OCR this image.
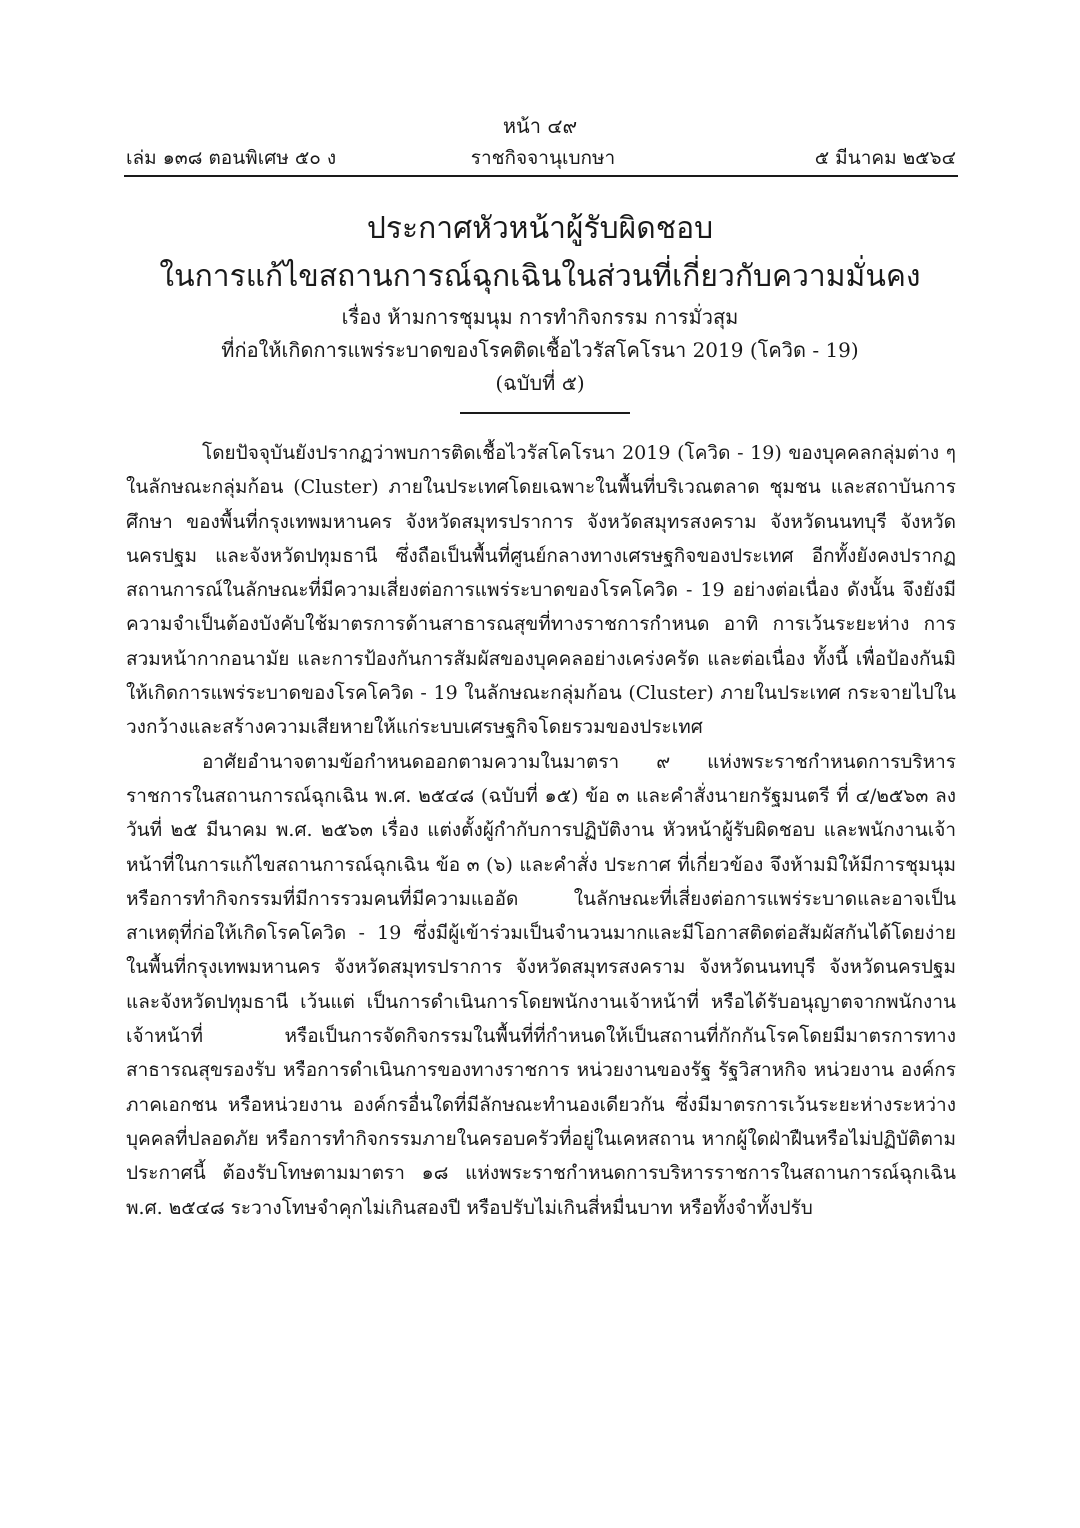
หน้า ๔๙
เล่ม ๑๓๘ ตอนพิเศษ ๕๐ ง	ราชกิจจานุเบกษา	๕ มีนาคม ๒๕๖๔
ประกาศหัวหน้าผู้รับผิดชอบ
ในการแก้ไขสถานการณ์ฉุกเฉินในส่วนที่เกี่ยวกับความมั่นคง
เรื่อง ห้ามการชุมนุม การทำกิจกรรม การมั่วสุม
ที่ก่อให้เกิดการแพร่ระบาดของโรคติดเชื้อไวรัสโคโรนา 2019 (โควิด - 19)
(ฉบับที่ ๕)

โดยปัจจุบันยังปรากฏว่าพบการติดเชื้อไวรัสโคโรนา 2019 (โควิด - 19) ของบุคคลกลุ่มต่าง ๆ ในลักษณะกลุ่มก้อน (Cluster) ภายในประเทศโดยเฉพาะในพื้นที่บริเวณตลาด ชุมชน และสถาบันการศึกษา ของพื้นที่กรุงเทพมหานคร จังหวัดสมุทรปราการ จังหวัดสมุทรสงคราม จังหวัดนนทบุรี จังหวัดนครปฐม และจังหวัดปทุมธานี ซึ่งถือเป็นพื้นที่ศูนย์กลางทางเศรษฐกิจของประเทศ อีกทั้งยังคงปรากฏสถานการณ์ในลักษณะที่มีความเสี่ยงต่อการแพร่ระบาดของโรคโควิด - 19 อย่างต่อเนื่อง ดังนั้น จึงยังมีความจำเป็นต้องบังคับใช้มาตรการด้านสาธารณสุขที่ทางราชการกำหนด อาทิ การเว้นระยะห่าง การสวมหน้ากากอนามัย และการป้องกันการสัมผัสของบุคคลอย่างเคร่งครัด และต่อเนื่อง ทั้งนี้ เพื่อป้องกันมิให้เกิดการแพร่ระบาดของโรคโควิด - 19 ในลักษณะกลุ่มก้อน (Cluster) ภายในประเทศ กระจายไปในวงกว้างและสร้างความเสียหายให้แก่ระบบเศรษฐกิจโดยรวมของประเทศ

อาศัยอำนาจตามข้อกำหนดออกตามความในมาตรา ๙ แห่งพระราชกำหนดการบริหารราชการในสถานการณ์ฉุกเฉิน พ.ศ. ๒๕๔๘ (ฉบับที่ ๑๕) ข้อ ๓ และคำสั่งนายกรัฐมนตรี ที่ ๔/๒๕๖๓ ลงวันที่ ๒๕ มีนาคม พ.ศ. ๒๕๖๓ เรื่อง แต่งตั้งผู้กำกับการปฏิบัติงาน หัวหน้าผู้รับผิดชอบ และพนักงานเจ้าหน้าที่ในการแก้ไขสถานการณ์ฉุกเฉิน ข้อ ๓ (๖) และคำสั่ง ประกาศ ที่เกี่ยวข้อง จึงห้ามมิให้มีการชุมนุม หรือการทำกิจกรรมที่มีการรวมคนที่มีความแออัด ในลักษณะที่เสี่ยงต่อการแพร่ระบาดและอาจเป็นสาเหตุที่ก่อให้เกิดโรคโควิด - 19 ซึ่งมีผู้เข้าร่วมเป็นจำนวนมากและมีโอกาสติดต่อสัมผัสกันได้โดยง่าย ในพื้นที่กรุงเทพมหานคร จังหวัดสมุทรปราการ จังหวัดสมุทรสงคราม จังหวัดนนทบุรี จังหวัดนครปฐม และจังหวัดปทุมธานี เว้นแต่ เป็นการดำเนินการโดยพนักงานเจ้าหน้าที่ หรือได้รับอนุญาตจากพนักงานเจ้าหน้าที่ หรือเป็นการจัดกิจกรรมในพื้นที่ที่กำหนดให้เป็นสถานที่กักกันโรคโดยมีมาตรการทางสาธารณสุขรองรับ หรือการดำเนินการของทางราชการ หน่วยงานของรัฐ รัฐวิสาหกิจ หน่วยงาน องค์กร ภาคเอกชน หรือหน่วยงาน องค์กรอื่นใดที่มีลักษณะทำนองเดียวกัน ซึ่งมีมาตรการเว้นระยะห่างระหว่างบุคคลที่ปลอดภัย หรือการทำกิจกรรมภายในครอบครัวที่อยู่ในเคหสถาน หากผู้ใดฝ่าฝืนหรือไม่ปฏิบัติตามประกาศนี้ ต้องรับโทษตามมาตรา ๑๘ แห่งพระราชกำหนดการบริหารราชการในสถานการณ์ฉุกเฉิน พ.ศ. ๒๕๔๘ ระวางโทษจำคุกไม่เกินสองปี หรือปรับไม่เกินสี่หมื่นบาท หรือทั้งจำทั้งปรับ
